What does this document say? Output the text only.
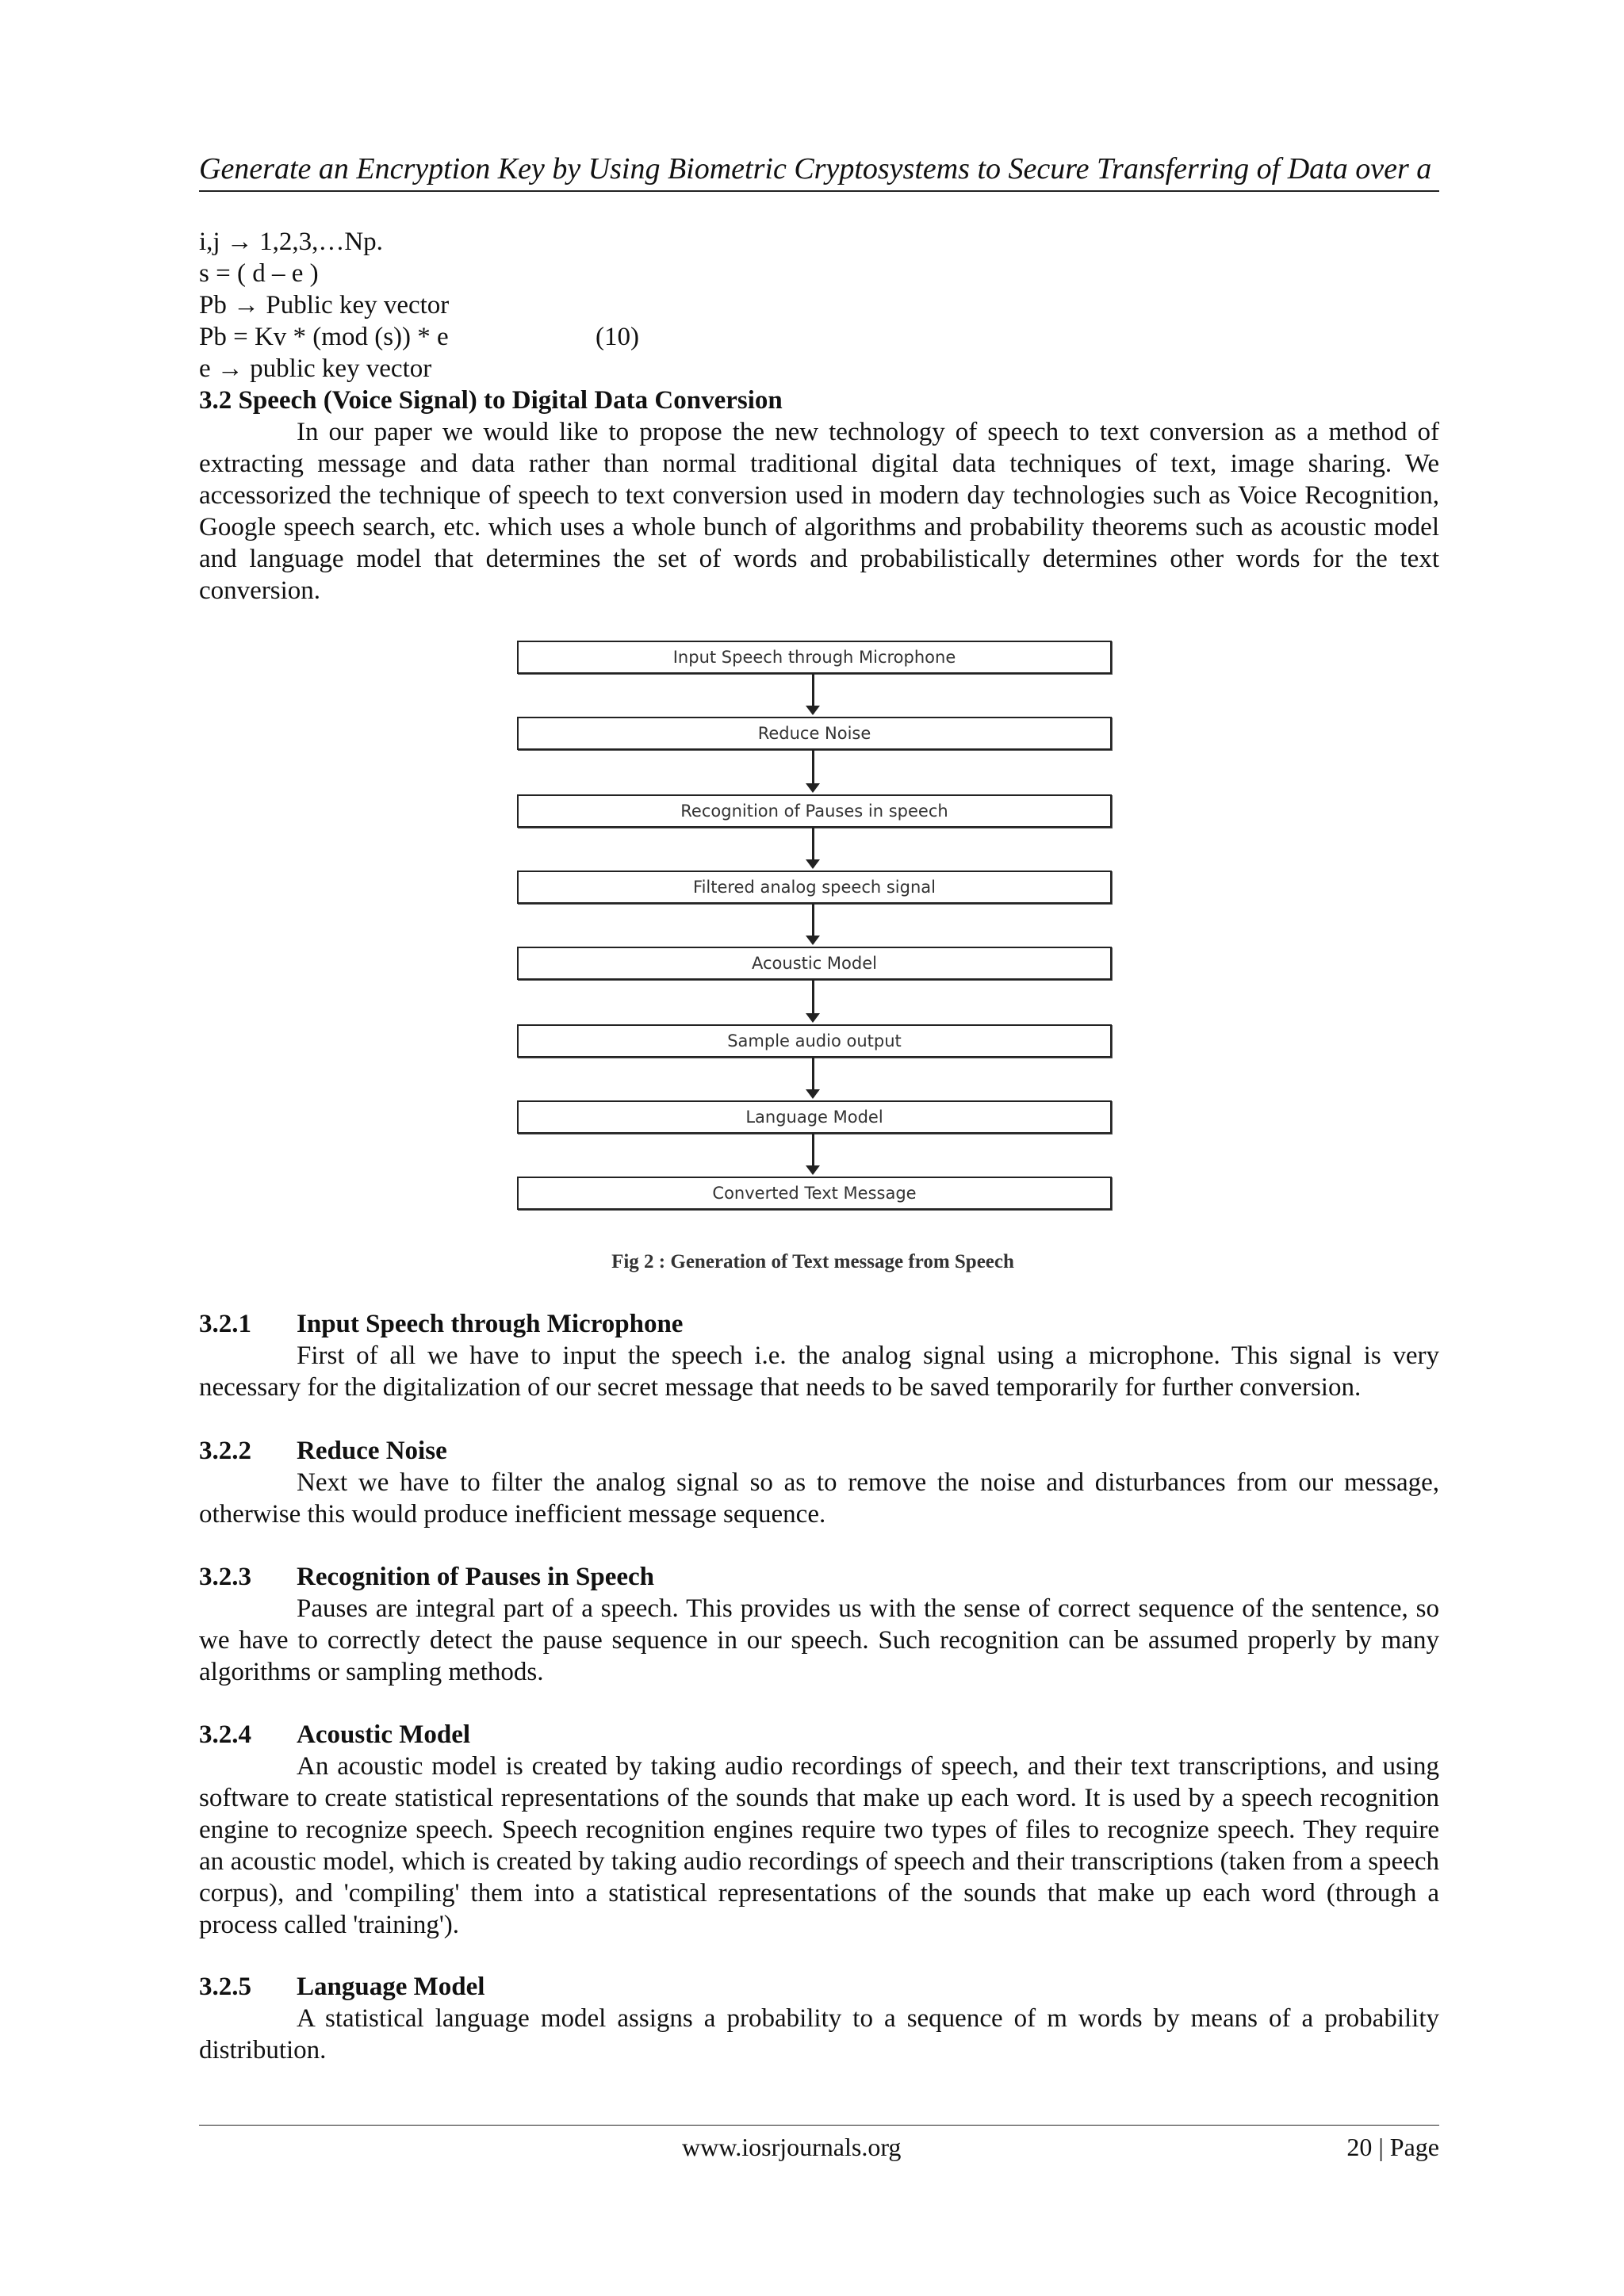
Generate an Encryption Key by Using Biometric Cryptosystems to Secure Transferring of Data over a
i,j → 1,2,3,…Np.
s = ( d – e )
Pb → Public key vector
Pb = Kv * (mod (s)) * e	(10)
e → public key vector
3.2 Speech (Voice Signal) to Digital Data Conversion

In our paper we would like to propose the new technology of speech to text conversion as a method of extracting message and data rather than normal traditional digital data techniques of text, image sharing. We accessorized the technique of speech to text conversion used in modern day technologies such as Voice Recognition, Google speech search, etc. which uses a whole bunch of algorithms and probability theorems such as acoustic model and language model that determines the set of words and probabilistically determines other words for the text conversion.

Input Speech through Microphone
Reduce Noise
Recognition of Pauses in speech
Filtered analog speech signal
Acoustic Model
Sample audio output
Language Model
Converted Text Message
Fig 2 : Generation of Text message from Speech
3.2.1 Input Speech through Microphone

First of all we have to input the speech i.e. the analog signal using a microphone. This signal is very necessary for the digitalization of our secret message that needs to be saved temporarily for further conversion.

3.2.2 Reduce Noise

Next we have to filter the analog signal so as to remove the noise and disturbances from our message, otherwise this would produce inefficient message sequence.

3.2.3 Recognition of Pauses in Speech

Pauses are integral part of a speech. This provides us with the sense of correct sequence of the sentence, so we have to correctly detect the pause sequence in our speech. Such recognition can be assumed properly by many algorithms or sampling methods.

3.2.4 Acoustic Model

An acoustic model is created by taking audio recordings of speech, and their text transcriptions, and using software to create statistical representations of the sounds that make up each word. It is used by a speech recognition engine to recognize speech. Speech recognition engines require two types of files to recognize speech. They require an acoustic model, which is created by taking audio recordings of speech and their transcriptions (taken from a speech corpus), and 'compiling' them into a statistical representations of the sounds that make up each word (through a process called 'training').

3.2.5 Language Model

A statistical language model assigns a probability to a sequence of m words by means of a probability distribution.

www.iosrjournals.org	20 | Page
